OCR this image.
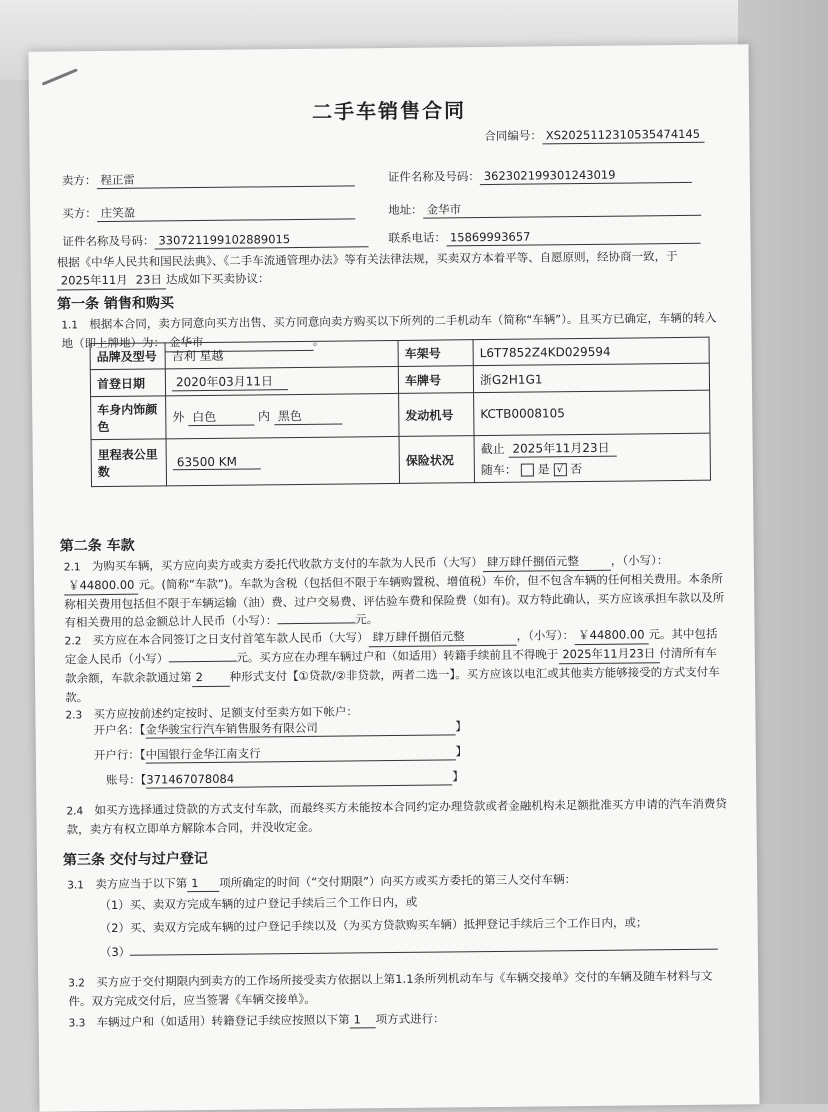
二手车销售合同
合同编号： XS20251123105354741​45
卖方： 程正雷	证件名称及号码： 362302199301243019
买方： 庄笑盈	地址： 金华市
证件名称及号码： 330721199102889015	联系电话： 15869993657
根据《中华人民共和国民法典》、《二手车流通管理办法》等有关法律法规，买卖双方本着平等、自愿原则，经协商一致，于2025年11月 23日 达成如下买卖协议：
第一条 销售和购买
1.1 根据本合同，卖方同意向买方出售、买方同意向卖方购买以下所列的二手机动车（简称“车辆”）。且买方已确定，车辆的转入地（即上牌地）为： 金华市	。
品牌及型号	吉利 星越	车架号	L6T7852Z4KD029594
首登日期	2020年03月11日	车牌号	浙G2H1G1
车身内饰颜色	外 白色 内 黑色	发动机号	KCTB0008105
里程表公里数	63500 KM	保险状况	截止 2025年11月23日
随车： 是 √ 否
第二条 车款
2.1 为购买车辆，买方应向卖方或卖方委托代收款方支付的车款为人民币（大写） 肆万肆仟捌佰元整	，（小写）：￥44800.00 元。(简称“车款”)。车款为含税（包括但不限于车辆购置税、增值税）车价，但不包含车辆的任何相关费用。本条所称相关费用包括但不限于车辆运输（油）费、过户交易费、评估验车费和保险费（如有)。双方特此确认，买方应该承担车款以及所有相关费用的总金额总计人民币（小写）：	元。
2.2 买方应在本合同签订之日支付首笔车款人民币（大写） 肆万肆仟捌佰元整	，（小写）： ￥44800.00 元。其中包括定金人民币（小写）	元。买方应在办理车辆过户和（如适用）转籍手续前且不得晚于 2025年11月23日 付清所有车款余额，车款余款通过第 2 种形式支付【①贷款/②非贷款，两者二选一】。买方应该以电汇或其他卖方能够接受的方式支付车款。
2.3 买方应按前述约定按时、足额支付至卖方如下帐户：
开户名：【金华骏宝行汽车销售服务有限公司	】
开户行：【中国银行金华江南支行	】
账号：【371467078084	】
2.4 如买方选择通过贷款的方式支付车款，而最终买方未能按本合同约定办理贷款或者金融机构未足额批准买方申请的汽车消费贷款，卖方有权立即单方解除本合同，并没收定金。
第三条 交付与过户登记
3.1 卖方应当于以下第 1 项所确定的时间（“交付期限”）向买方或买方委托的第三人交付车辆：
（1）买、卖双方完成车辆的过户登记手续后三个工作日内，或
（2）买、卖双方完成车辆的过户登记手续以及（为买方贷款购买车辆）抵押登记手续后三个工作日内，或；
（3）
3.2 买方应于交付期限内到卖方的工作场所接受卖方依据以上第1.1条所列机动车与《车辆交接单》交付的车辆及随车材料与文件。双方完成交付后，应当签署《车辆交接单》。
3.3 车辆过户和（如适用）转籍登记手续应按照以下第 1 项方式进行：
